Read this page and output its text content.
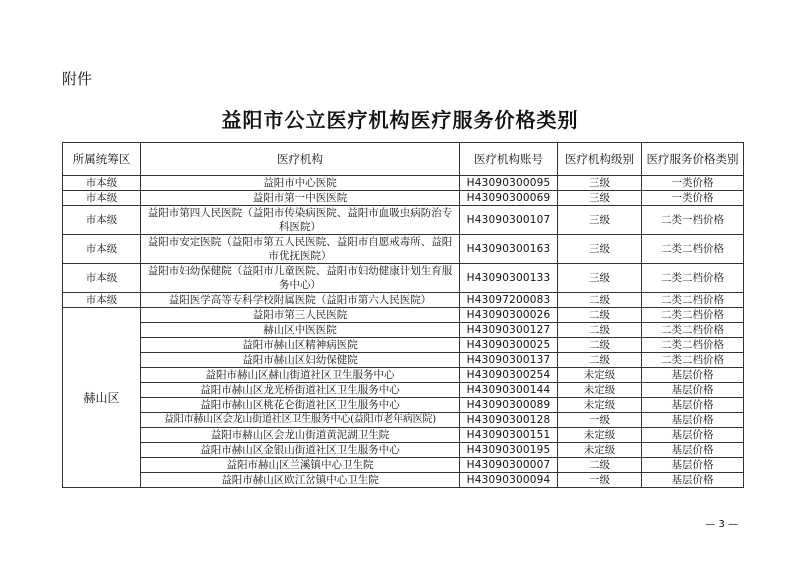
附件
益阳市公立医疗机构医疗服务价格类别
所属统筹区	医疗机构	医疗机构账号	医疗机构级别	医疗服务价格类别
市本级	益阳市中心医院	H43090300095	三级	一类价格
市本级	益阳市第一中医医院	H43090300069	三级	一类价格
市本级	益阳市第四人民医院（益阳市传染病医院、益阳市血吸虫病防治专科医院）	H43090300107	三级	二类一档价格
市本级	益阳市安定医院（益阳市第五人民医院、益阳市自愿戒毒所、益阳市优抚医院）	H43090300163	三级	二类二档价格
市本级	益阳市妇幼保健院（益阳市儿童医院、益阳市妇幼健康计划生育服务中心）	H43090300133	三级	二类二档价格
市本级	益阳医学高等专科学校附属医院（益阳市第六人民医院）	H43097200083	二级	二类二档价格
赫山区	益阳市第三人民医院	H43090300026	二级	二类二档价格
	赫山区中医医院	H43090300127	二级	二类二档价格
	益阳市赫山区精神病医院	H43090300025	二级	二类二档价格
	益阳市赫山区妇幼保健院	H43090300137	二级	二类二档价格
	益阳市赫山区赫山街道社区卫生服务中心	H43090300254	未定级	基层价格
	益阳市赫山区龙光桥街道社区卫生服务中心	H43090300144	未定级	基层价格
	益阳市赫山区桃花仑街道社区卫生服务中心	H43090300089	未定级	基层价格
	益阳市赫山区会龙山街道社区卫生服务中心(益阳市老年病医院)	H43090300128	一级	基层价格
	益阳市赫山区会龙山街道黄泥湖卫生院	H43090300151	未定级	基层价格
	益阳市赫山区金银山街道社区卫生服务中心	H43090300195	未定级	基层价格
	益阳市赫山区兰溪镇中心卫生院	H43090300007	二级	基层价格
	益阳市赫山区欧江岔镇中心卫生院	H43090300094	一级	基层价格
— 3 —
